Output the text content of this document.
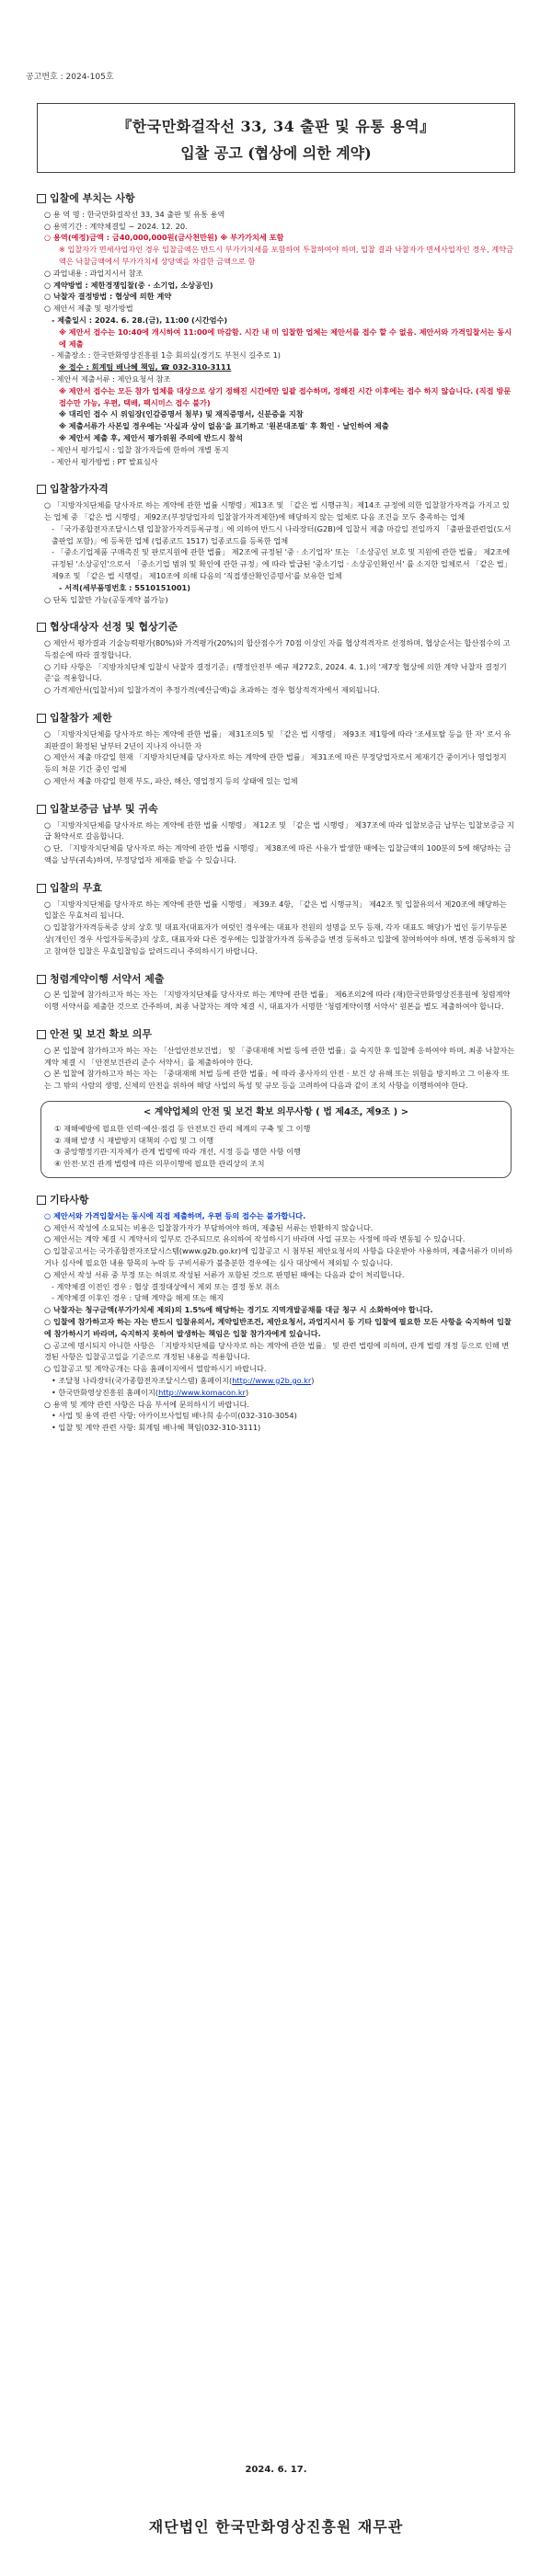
공고번호 : 2024-105호
『한국만화걸작선 33, 34 출판 및 유통 용역』
입찰 공고 (협상에 의한 계약)
입찰에 부치는 사항

○ 용 역 명 : 한국만화걸작선 33, 34 출판 및 유통 용역

○ 용역기간 : 계약체결일 ~ 2024. 12. 20.

○ 용역(예정)금액 : 금40,000,000원(금사천만원) ※ 부가가치세 포함

※ 입찰자가 면세사업자인 경우 입찰금액은 반드시 부가가치세를 포함하여 투찰하여야 하며, 입찰 결과 낙찰자가 면세사업자인 경우, 계약금액은 낙찰금액에서 부가가치세 상당액을 차감한 금액으로 함

○ 과업내용 : 과업지시서 참조

○ 계약방법 : 제한경쟁입찰(중 · 소기업, 소상공인)

○ 낙찰자 결정방법 : 협상에 의한 계약

○ 제안서 제출 및 평가방법

- 제출일시 : 2024. 6. 28.(금), 11:00 (시간엄수)

※ 제안서 접수는 10:40에 개시하여 11:00에 마감함. 시간 내 미 입찰한 업체는 제안서를 접수 할 수 없음. 제안서와 가격입찰서는 동시에 제출

- 제출장소 : 한국만화영상진흥원 1층 회의실(경기도 부천시 길주로 1)

※ 접수 : 회계팀 배나혜 책임, ☎ 032-310-3111

- 제안서 제출서류 : 제안요청서 참조

※ 제안서 접수는 모든 참가 업체를 대상으로 상기 정해진 시간에만 일괄 접수하며, 정해진 시간 이후에는 접수 하지 않습니다. (직접 방문접수만 가능, 우편, 택배, 팩시미스 접수 불가)

※ 대리인 접수 시 위임장(인감증명서 첨부) 및 재직증명서, 신분증을 지참

※ 제출서류가 사본일 경우에는 '사실과 상이 없음'을 표기하고 '원본대조필' 후 확인 · 날인하여 제출

※ 제안서 제출 후, 제안서 평가위원 주의에 반드시 참석

- 제안서 평가일시 : 입찰 참가자들에 한하여 개별 통지

- 제안서 평가방법 : PT 발표심사

입찰참가자격

○ 「지방자치단체를 당사자로 하는 계약에 관한 법률 시행령」제13조 및 「같은 법 시행규칙」제14조 규정에 의한 입찰참가자격을 가지고 있는 업체 중 「같은 법 시행령」제92조(부정당업자의 입찰참가자격제한)에 해당하지 않는 업체로 다음 조건을 모두 충족하는 업체

- 「국가종합전자조달시스템 입찰참가자격등록규정」에 의하여 반드시 나라장터(G2B)에 입찰서 제출 마감일 전일까지 「출판물관련업(도서출판업 포함)」에 등록한 업체 (업종코드 1517) 업종코드를 등록한 업체

- 「중소기업제품 구매촉진 및 판로지원에 관한 법률」 제2조에 규정된 '중 · 소기업자' 또는 「소상공인 보호 및 지원에 관한 법률」 제2조에 규정된 '소상공인'으로서 「중소기업 범위 및 확인에 관한 규정」에 따라 발급된 '중소기업 · 소상공인확인서' 를 소지한 업체로서 「같은 법」 제9조 및 「같은 법 시행령」 제10조에 의해 다음의 '직접생산확인증명서'를 보유한 업체

- 서적(세부품명번호 : 5510151001)

○ 단독 입찰만 가능(공동계약 불가능)

협상대상자 선정 및 협상기준

○ 제안서 평가결과 기술능력평가(80%)와 가격평가(20%)의 합산점수가 70점 이상인 자를 협상적격자로 선정하며, 협상순서는 합산점수의 고득점순에 따라 결정합니다.

○ 기타 사항은 「지방자치단체 입찰시 낙찰자 결정기준」(행정안전부 예규 제272호, 2024. 4. 1.)의 '제7장 협상에 의한 계약 낙찰자 결정기준'을 적용합니다.

○ 가격제안서(입찰서)의 입찰가격이 추정가격(예산금액)을 초과하는 경우 협상적격자에서 제외됩니다.

입찰참가 제한

○ 「지방자치단체를 당사자로 하는 계약에 관한 법률」 제31조의5 및 「같은 법 시행령」 제93조 제1항에 따라 '조세포탈 등을 한 자' 로서 유죄판결이 확정된 날부터 2년이 지나지 아니한 자

○ 제안서 제출 마감일 현재 「지방자치단체를 당사자로 하는 계약에 관한 법률」 제31조에 따른 부정당업자로서 제재기간 중이거나 영업정지 등의 처분 기간 중인 업체

○ 제안서 제출 마감일 현재 부도, 파산, 해산, 영업정지 등의 상태에 있는 업체

입찰보증금 납부 및 귀속

○ 「지방자치단체를 당사자로 하는 계약에 관한 법률 시행령」 제12조 및 「같은 법 시행령」 제37조에 따라 입찰보증금 납부는 입찰보증금 지급 확약서로 갈음합니다.

○ 단, 「지방자치단체를 당사자로 하는 계약에 관한 법률 시행령」 제38조에 따른 사유가 발생한 때에는 입찰금액의 100분의 5에 해당하는 금액을 납부(귀속)하며, 부정당업자 제재를 받을 수 있습니다.

입찰의 무효

○ 「지방자치단체를 당사자로 하는 계약에 관한 법률 시행령」 제39조 4항, 「같은 법 시행규칙」 제42조 및 입찰유의서 제20조에 해당하는 입찰은 무효처리 됩니다.

○ 입찰참가자격등록증 상의 상호 및 대표자(대표자가 여럿인 경우에는 대표자 전원의 성명을 모두 등재, 각자 대표도 해당)가 법인 등기부등본 상(개인인 경우 사업자등록증)의 상호, 대표자와 다른 경우에는 입찰참가자격 등록증을 변경 등록하고 입찰에 참여하여야 하며, 변경 등록하지 않고 참여한 입찰은 무효입찰임을 알려드리니 주의하시기 바랍니다.

청렴계약이행 서약서 제출

○ 본 입찰에 참가하고자 하는 자는 「지방자치단체를 당사자로 하는 계약에 관한 법률」 제6조의2에 따라 (재)한국만화영상진흥원에 청렴계약이행 서약서를 제출한 것으로 간주하며, 최종 낙찰자는 계약 체결 시, 대표자가 서명한 '청렴계약이행 서약서' 원본을 별도 제출하여야 합니다.

안전 및 보건 확보 의무

○ 본 입찰에 참가하고자 하는 자는 「산업안전보건법」 및 「중대재해 처벌 등에 관한 법률」을 숙지한 후 입찰에 응하여야 하며, 최종 낙찰자는 계약 체결 시 「안전보건관리 준수 서약서」를 제출하여야 한다.

○ 본 입찰에 참가하고자 하는 자는 「중대재해 처벌 등에 관한 법률」에 따라 종사자의 안전 · 보건 상 유해 또는 위험을 방지하고 그 이용자 또는 그 밖의 사람의 생명, 신체의 안전을 위하여 해당 사업의 특성 및 규모 등을 고려하여 다음과 같이 조치 사항을 이행하여야 한다.

< 계약업체의 안전 및 보건 확보 의무사항 ( 법 제4조, 제9조 ) >

① 재해예방에 필요한 인력·예산·점검 등 안전보건 관리 체계의 구축 및 그 이행

② 재해 발생 시 재발방지 대책의 수립 및 그 이행

③ 중앙행정기관·지자체가 관계 법령에 따라 개선, 시정 등을 명한 사항 이행

④ 안전·보건 관계 법령에 따른 의무이행에 필요한 관리상의 조치

기타사항

○ 제안서와 가격입찰서는 동시에 직접 제출하며, 우편 등의 접수는 불가합니다.

○ 제안서 작성에 소요되는 비용은 입찰참가자가 부담하여야 하며, 제출된 서류는 반환하지 않습니다.

○ 제안서는 계약 체결 시 계약서의 일부로 간주되므로 유의하여 작성하시기 바라며 사업 규모는 사정에 따라 변동될 수 있습니다.

○ 입찰공고서는 국가종합전자조달시스템(www.g2b.go.kr)에 입찰공고 시 첨부된 제안요청서의 사항을 다운받아 사용하며, 제출서류가 미비하거나 심사에 필요한 내용 항목의 누락 등 구비서류가 불충분한 경우에는 심사 대상에서 제외될 수 있습니다.

○ 제안서 작성 서류 중 부정 또는 허위로 작성된 서류가 포함된 것으로 판명된 때에는 다음과 같이 처리합니다.

- 계약체결 이전인 경우 : 협상 결정대상에서 제외 또는 결정 통보 취소

- 계약체결 이후인 경우 : 당해 계약을 해제 또는 해지

○ 낙찰자는 청구금액(부가가치세 제외)의 1.5%에 해당하는 경기도 지역개발공채를 대금 청구 시 소화하여야 합니다.

○ 입찰에 참가하고자 하는 자는 반드시 입찰유의서, 계약일반조건, 제안요청서, 과업지시서 등 기타 입찰에 필요한 모든 사항을 숙지하여 입찰에 참가하시기 바라며, 숙지하지 못하여 발생하는 책임은 입찰 참가자에게 있습니다.

○ 공고에 명시되지 아니한 사항은 「지방자치단체를 당사자로 하는 계약에 관한 법률」 및 관련 법령에 의하며, 관계 법령 개정 등으로 인해 변경된 사항은 입찰공고일을 기준으로 개정된 내용을 적용합니다.

○ 입찰공고 및 계약공개는 다음 홈페이지에서 열람하시기 바랍니다.

• 조달청 나라장터(국가종합전자조달시스템) 홈페이지(http://www.g2b.go.kr)

• 한국만화영상진흥원 홈페이지(http://www.komacon.kr)

○ 용역 및 계약 관련 사항은 다음 부서에 문의하시기 바랍니다.

• 사업 및 용역 관련 사항: 아카이브사업팀 배나희 송수미(032-310-3054)

• 입찰 및 계약 관련 사항: 회계팀 배나혜 책임(032-310-3111)

2024. 6. 17.
재단법인 한국만화영상진흥원 재무관
